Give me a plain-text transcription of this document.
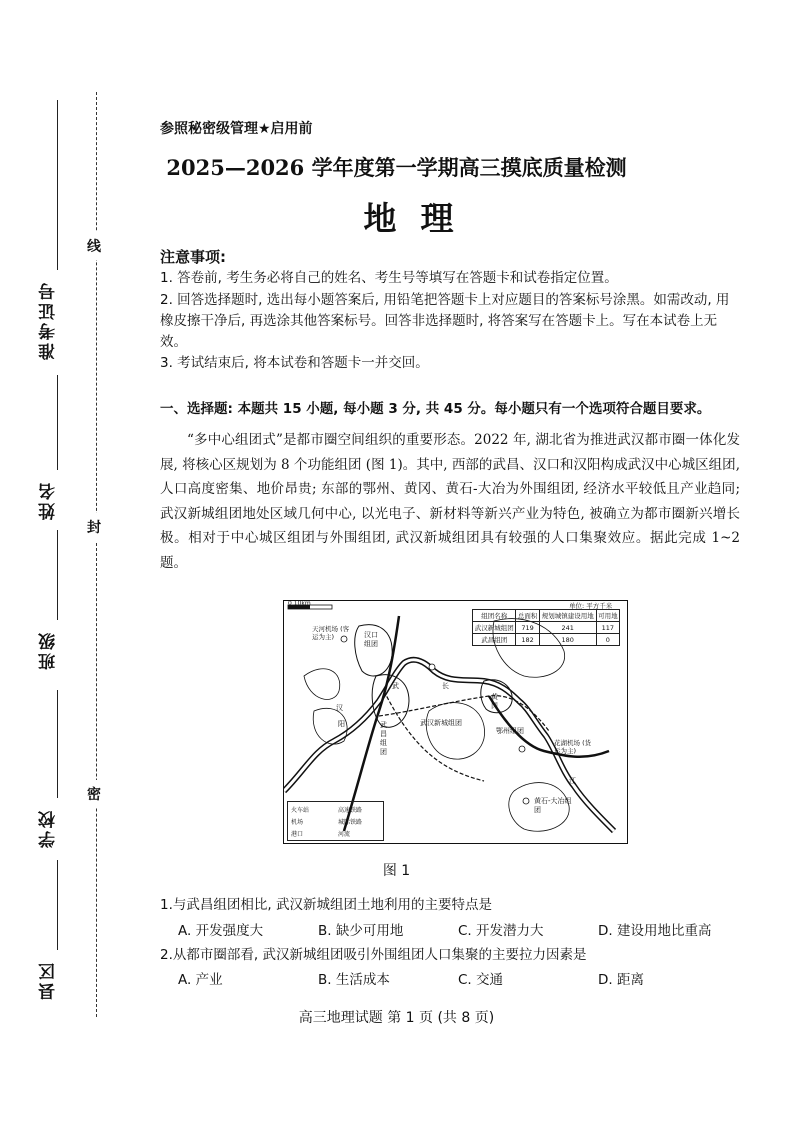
准考证号
姓名
班级
学校
县区
线
封
密
参照秘密级管理★启用前
2025—2026 学年度第一学期高三摸底质量检测
地理
注意事项:
1. 答卷前, 考生务必将自己的姓名、考生号等填写在答题卡和试卷指定位置。
2. 回答选择题时, 选出每小题答案后, 用铅笔把答题卡上对应题目的答案标号涂黑。如需改动, 用橡皮擦干净后, 再选涂其他答案标号。回答非选择题时, 将答案写在答题卡上。写在本试卷上无效。
3. 考试结束后, 将本试卷和答题卡一并交回。
一、选择题: 本题共 15 小题, 每小题 3 分, 共 45 分。每小题只有一个选项符合题目要求。
“多中心组团式”是都市圈空间组织的重要形态。2022 年, 湖北省为推进武汉都市圈一体化发展, 将核心区规划为 8 个功能组团 (图 1)。其中, 西部的武昌、汉口和汉阳构成武汉中心城区组团, 人口高度密集、地价昂贵; 东部的鄂州、黄冈、黄石-大冶为外围组团, 经济水平较低且产业趋同; 武汉新城组团地处区域几何中心, 以光电子、新材料等新兴产业为特色, 被确立为都市圈新兴增长极。相对于中心城区组团与外围组团, 武汉新城组团具有较强的人口集聚效应。据此完成 1~2 题。
组团名称	总面积	规划城镇建设用地	可用地
武汉新城组团	719	241	117
武昌组团	182	180	0
0 10km	单位: 平方千米
天河机场 (客运为主)	汉口组团
武	长
汉
阳	武昌组团
武汉新城组团
黄冈
鄂州组团
花湖机场 (货运为主)
江
黄石-大冶组团
火车站	高速铁路
机场	城际铁路
港口	河流
图 1
1.与武昌组团相比, 武汉新城组团土地利用的主要特点是
A. 开发强度大	B. 缺少可用地	C. 开发潜力大	D. 建设用地比重高
2.从都市圈部看, 武汉新城组团吸引外围组团人口集聚的主要拉力因素是
A. 产业	B. 生活成本	C. 交通	D. 距离
高三地理试题 第 1 页 (共 8 页)
